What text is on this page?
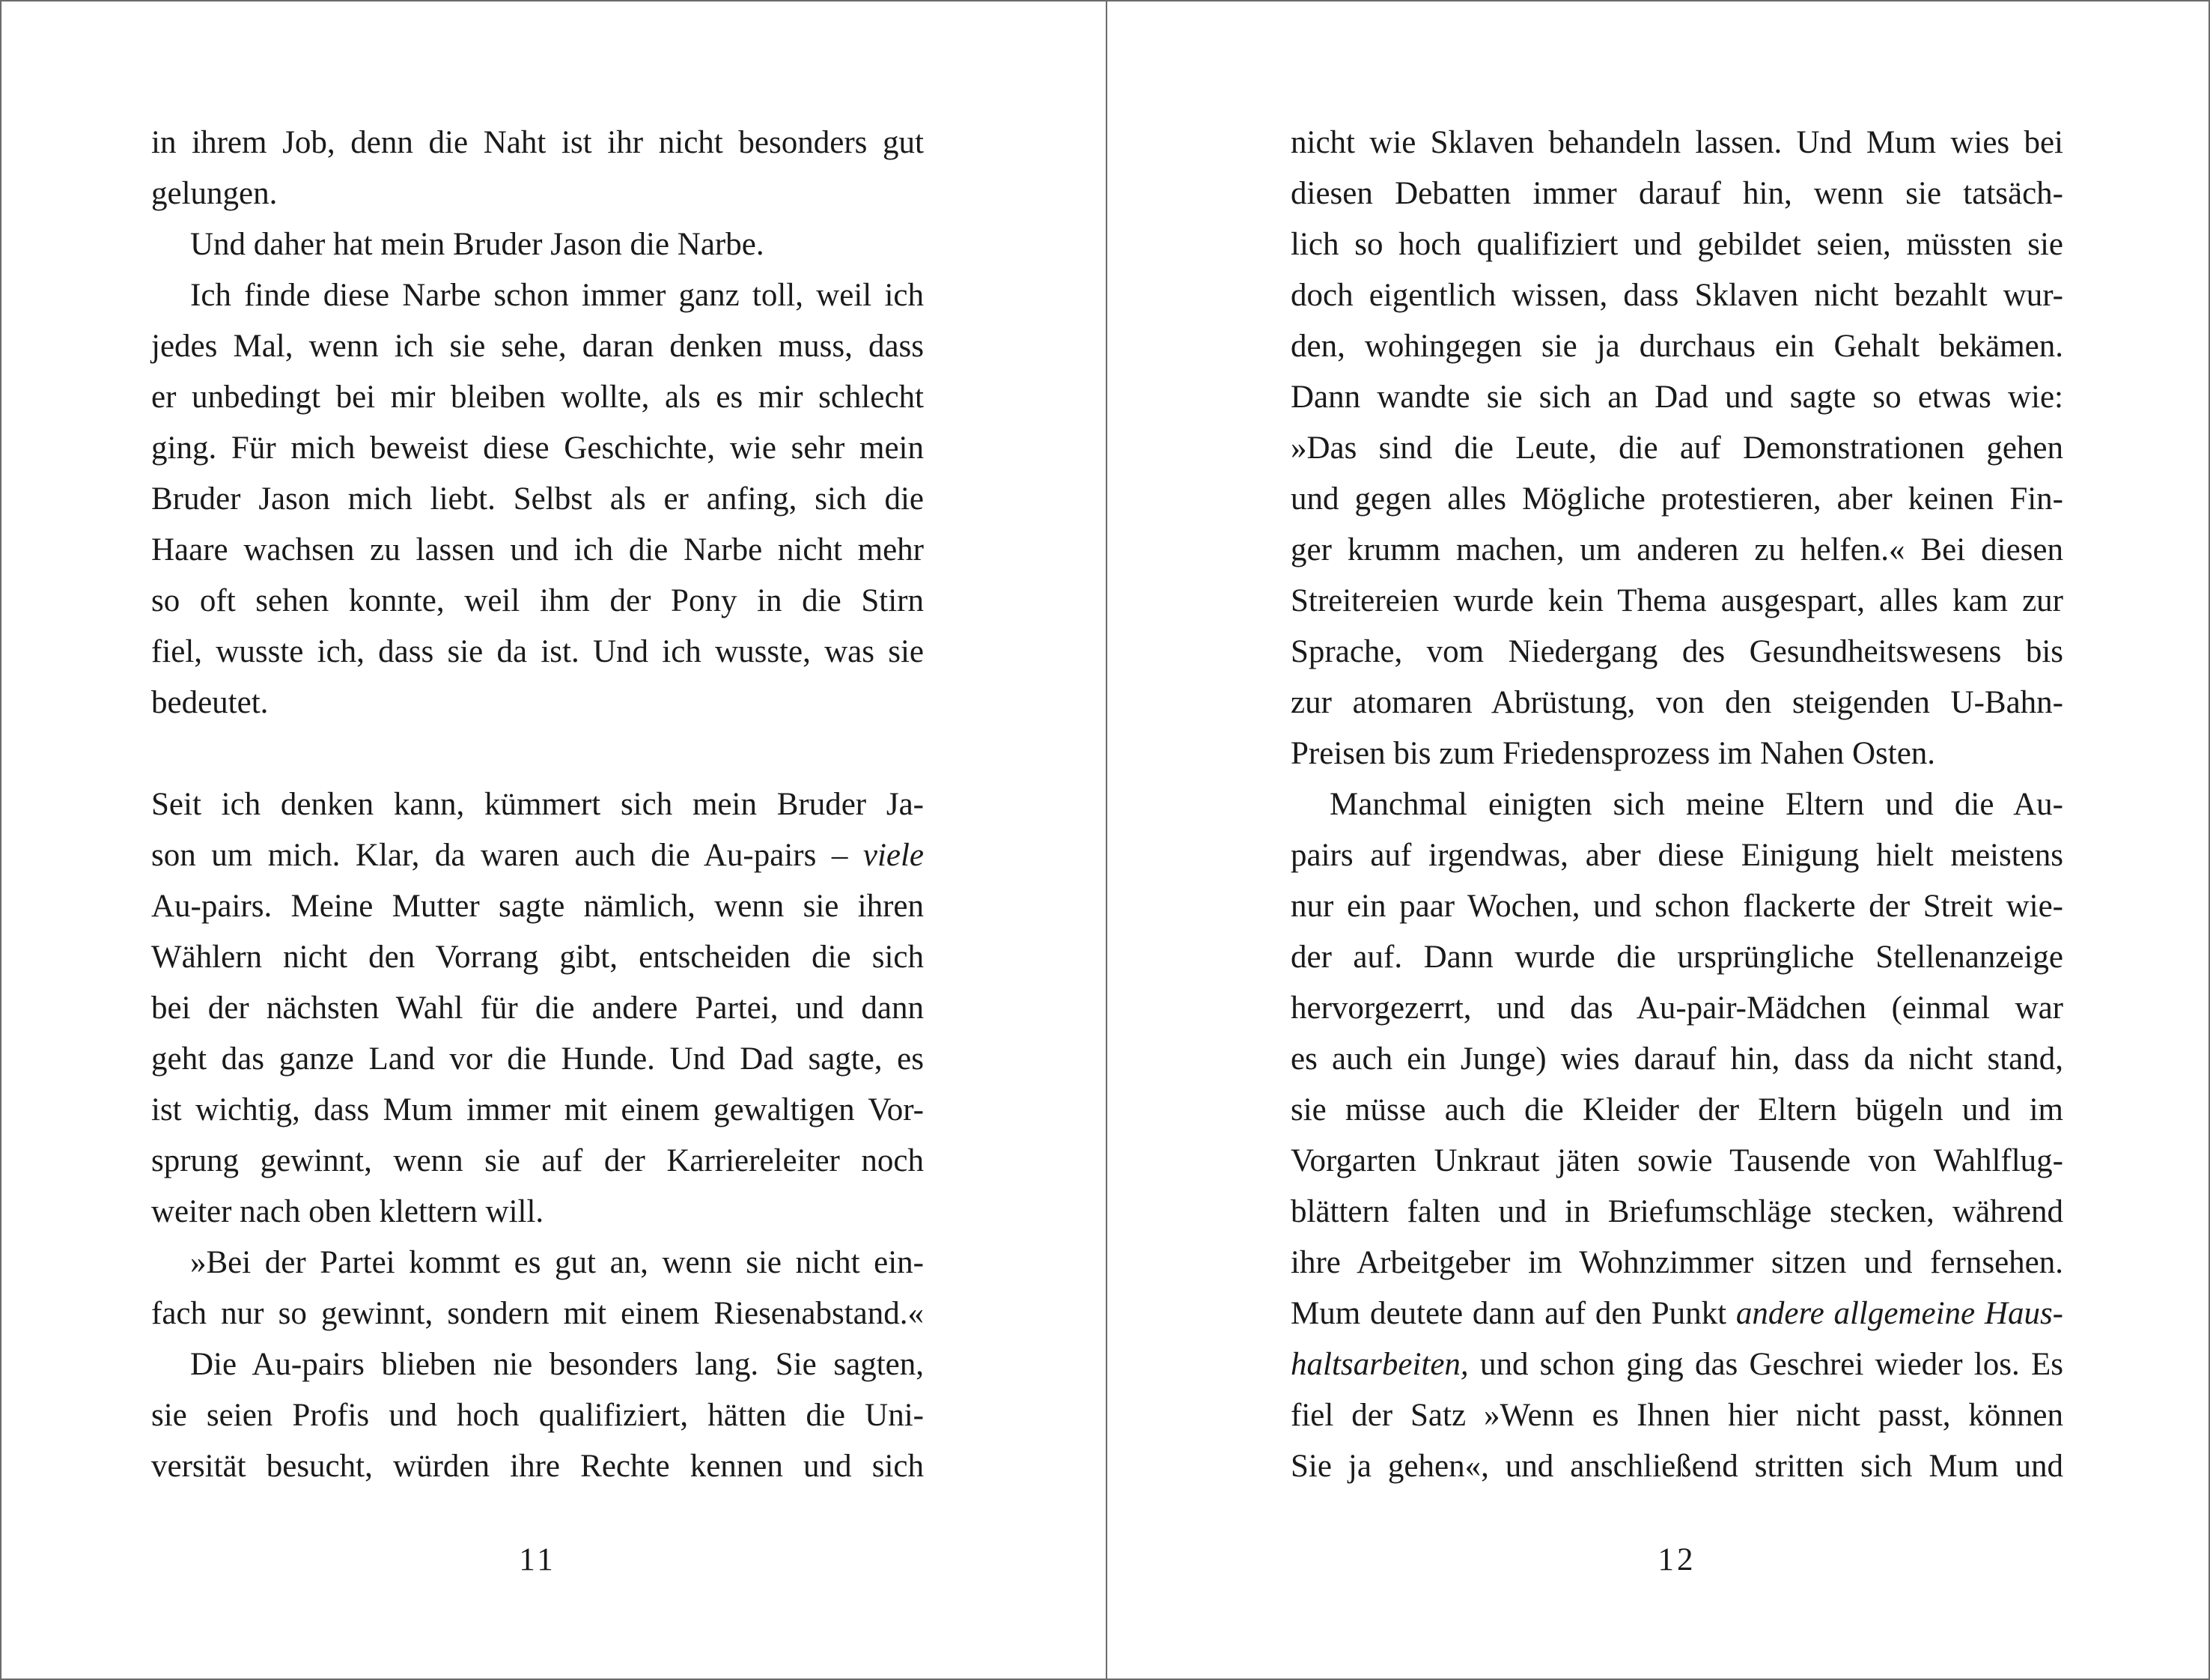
in ihrem Job, denn die Naht ist ihr nicht besonders gut
gelungen.
Und daher hat mein Bruder Jason die Narbe.
Ich finde diese Narbe schon immer ganz toll, weil ich
jedes Mal, wenn ich sie sehe, daran denken muss, dass
er unbedingt bei mir bleiben wollte, als es mir schlecht
ging. Für mich beweist diese Geschichte, wie sehr mein
Bruder Jason mich liebt. Selbst als er anfing, sich die
Haare wachsen zu lassen und ich die Narbe nicht mehr
so oft sehen konnte, weil ihm der Pony in die Stirn
fiel, wusste ich, dass sie da ist. Und ich wusste, was sie
bedeutet.
Seit ich denken kann, kümmert sich mein Bruder Ja-
son um mich. Klar, da waren auch die Au-pairs – viele
Au-pairs. Meine Mutter sagte nämlich, wenn sie ihren
Wählern nicht den Vorrang gibt, entscheiden die sich
bei der nächsten Wahl für die andere Partei, und dann
geht das ganze Land vor die Hunde. Und Dad sagte, es
ist wichtig, dass Mum immer mit einem gewaltigen Vor-
sprung gewinnt, wenn sie auf der Karriereleiter noch
weiter nach oben klettern will.
»Bei der Partei kommt es gut an, wenn sie nicht ein-
fach nur so gewinnt, sondern mit einem Riesenabstand.«
Die Au-pairs blieben nie besonders lang. Sie sagten,
sie seien Profis und hoch qualifiziert, hätten die Uni-
versität besucht, würden ihre Rechte kennen und sich
11
nicht wie Sklaven behandeln lassen. Und Mum wies bei
diesen Debatten immer darauf hin, wenn sie tatsäch-
lich so hoch qualifiziert und gebildet seien, müssten sie
doch eigentlich wissen, dass Sklaven nicht bezahlt wur-
den, wohingegen sie ja durchaus ein Gehalt bekämen.
Dann wandte sie sich an Dad und sagte so etwas wie:
»Das sind die Leute, die auf Demonstrationen gehen
und gegen alles Mögliche protestieren, aber keinen Fin-
ger krumm machen, um anderen zu helfen.« Bei diesen
Streitereien wurde kein Thema ausgespart, alles kam zur
Sprache, vom Niedergang des Gesundheitswesens bis
zur atomaren Abrüstung, von den steigenden U-Bahn-
Preisen bis zum Friedensprozess im Nahen Osten.
Manchmal einigten sich meine Eltern und die Au-
pairs auf irgendwas, aber diese Einigung hielt meistens
nur ein paar Wochen, und schon flackerte der Streit wie-
der auf. Dann wurde die ursprüngliche Stellenanzeige
hervorgezerrt, und das Au-pair-Mädchen (einmal war
es auch ein Junge) wies darauf hin, dass da nicht stand,
sie müsse auch die Kleider der Eltern bügeln und im
Vorgarten Unkraut jäten sowie Tausende von Wahlflug-
blättern falten und in Briefumschläge stecken, während
ihre Arbeitgeber im Wohnzimmer sitzen und fernsehen.
Mum deutete dann auf den Punkt andere allgemeine Haus-
haltsarbeiten, und schon ging das Geschrei wieder los. Es
fiel der Satz »Wenn es Ihnen hier nicht passt, können
Sie ja gehen«, und anschließend stritten sich Mum und
12
